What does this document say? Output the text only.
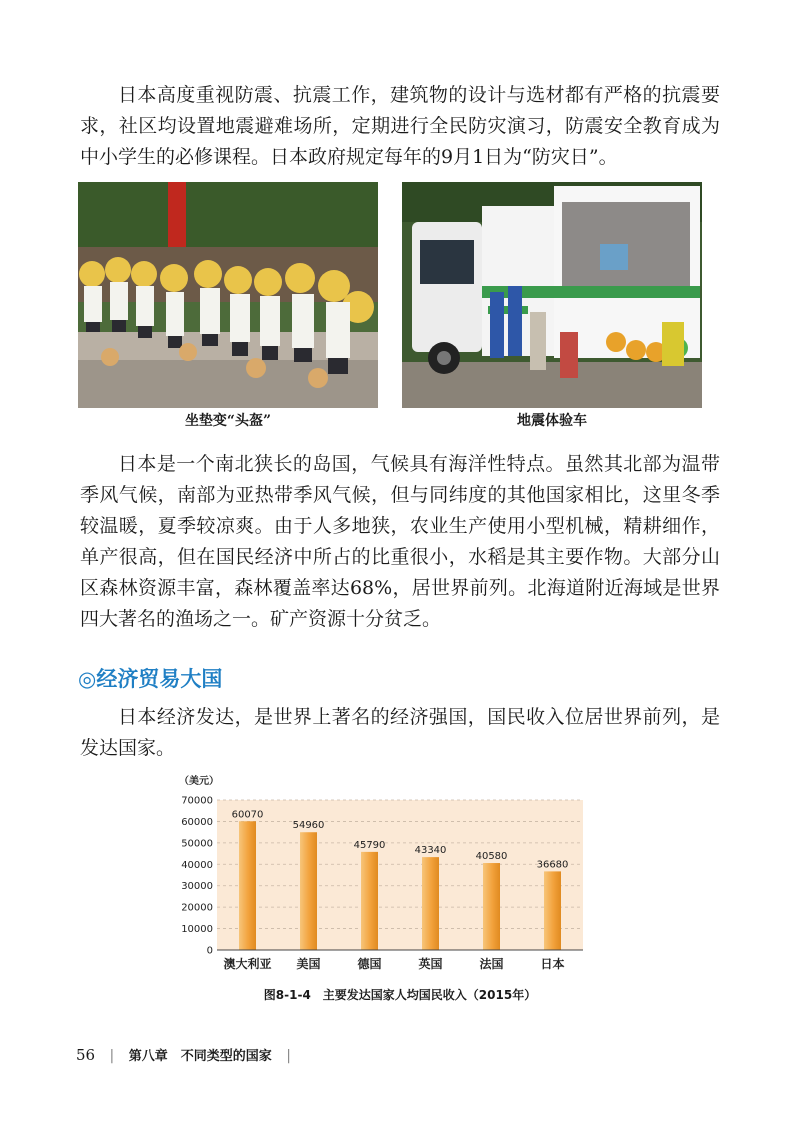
日本高度重视防震、抗震工作，建筑物的设计与选材都有严格的抗震要求，社区均设置地震避难场所，定期进行全民防灾演习，防震安全教育成为中小学生的必修课程。日本政府规定每年的9月1日为“防灾日”。

坐垫变“头盔”	地震体验车

日本是一个南北狭长的岛国，气候具有海洋性特点。虽然其北部为温带季风气候，南部为亚热带季风气候，但与同纬度的其他国家相比，这里冬季较温暖，夏季较凉爽。由于人多地狭，农业生产使用小型机械，精耕细作，单产很高，但在国民经济中所占的比重很小，水稻是其主要作物。大部分山区森林资源丰富，森林覆盖率达68%，居世界前列。北海道附近海域是世界四大著名的渔场之一。矿产资源十分贫乏。

◎经济贸易大国

日本经济发达，是世界上著名的经济强国，国民收入位居世界前列，是发达国家。

（美元）
0
10000
20000
30000
40000
50000
60000
70000
60070
54960
45790	43340
40580
36680
澳大利亚 美国	德国	英国	法国	日本

图8-1-4　主要发达国家人均国民收入（2015年）

56 | 第八章　不同类型的国家 |
